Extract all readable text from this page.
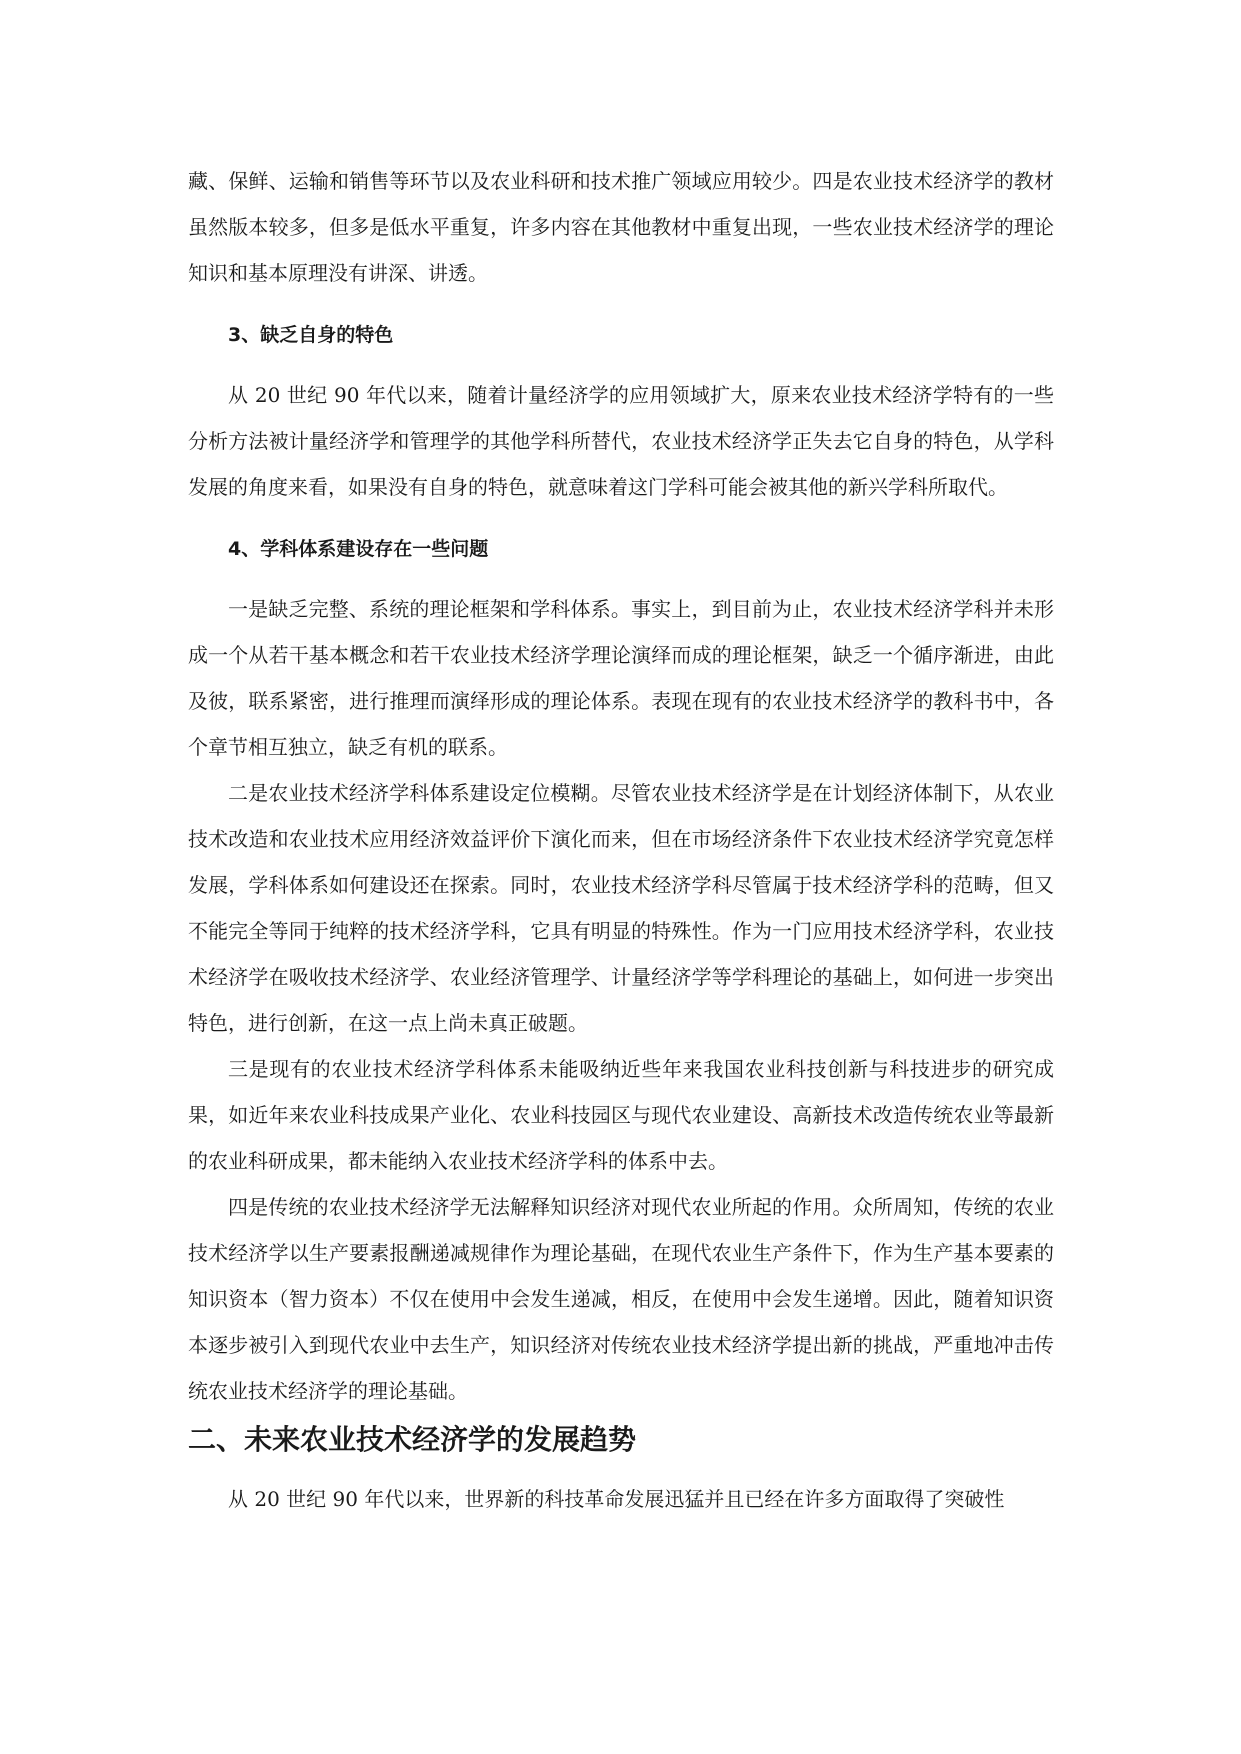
藏、保鲜、运输和销售等环节以及农业科研和技术推广领域应用较少。四是农业技术经济学的教材虽然版本较多，但多是低水平重复，许多内容在其他教材中重复出现，一些农业技术经济学的理论知识和基本原理没有讲深、讲透。

3、缺乏自身的特色

从 20 世纪 90 年代以来，随着计量经济学的应用领域扩大，原来农业技术经济学特有的一些分析方法被计量经济学和管理学的其他学科所替代，农业技术经济学正失去它自身的特色，从学科发展的角度来看，如果没有自身的特色，就意味着这门学科可能会被其他的新兴学科所取代。

4、学科体系建设存在一些问题

一是缺乏完整、系统的理论框架和学科体系。事实上，到目前为止，农业技术经济学科并未形成一个从若干基本概念和若干农业技术经济学理论演绎而成的理论框架，缺乏一个循序渐进，由此及彼，联系紧密，进行推理而演绎形成的理论体系。表现在现有的农业技术经济学的教科书中，各个章节相互独立，缺乏有机的联系。

二是农业技术经济学科体系建设定位模糊。尽管农业技术经济学是在计划经济体制下，从农业技术改造和农业技术应用经济效益评价下演化而来，但在市场经济条件下农业技术经济学究竟怎样发展，学科体系如何建设还在探索。同时，农业技术经济学科尽管属于技术经济学科的范畴，但又不能完全等同于纯粹的技术经济学科，它具有明显的特殊性。作为一门应用技术经济学科，农业技术经济学在吸收技术经济学、农业经济管理学、计量经济学等学科理论的基础上，如何进一步突出特色，进行创新，在这一点上尚未真正破题。

三是现有的农业技术经济学科体系未能吸纳近些年来我国农业科技创新与科技进步的研究成果，如近年来农业科技成果产业化、农业科技园区与现代农业建设、高新技术改造传统农业等最新的农业科研成果，都未能纳入农业技术经济学科的体系中去。

四是传统的农业技术经济学无法解释知识经济对现代农业所起的作用。众所周知，传统的农业技术经济学以生产要素报酬递减规律作为理论基础，在现代农业生产条件下，作为生产基本要素的知识资本（智力资本）不仅在使用中会发生递减，相反，在使用中会发生递增。因此，随着知识资本逐步被引入到现代农业中去生产，知识经济对传统农业技术经济学提出新的挑战，严重地冲击传统农业技术经济学的理论基础。

二、未来农业技术经济学的发展趋势

从 20 世纪 90 年代以来，世界新的科技革命发展迅猛并且已经在许多方面取得了突破性
